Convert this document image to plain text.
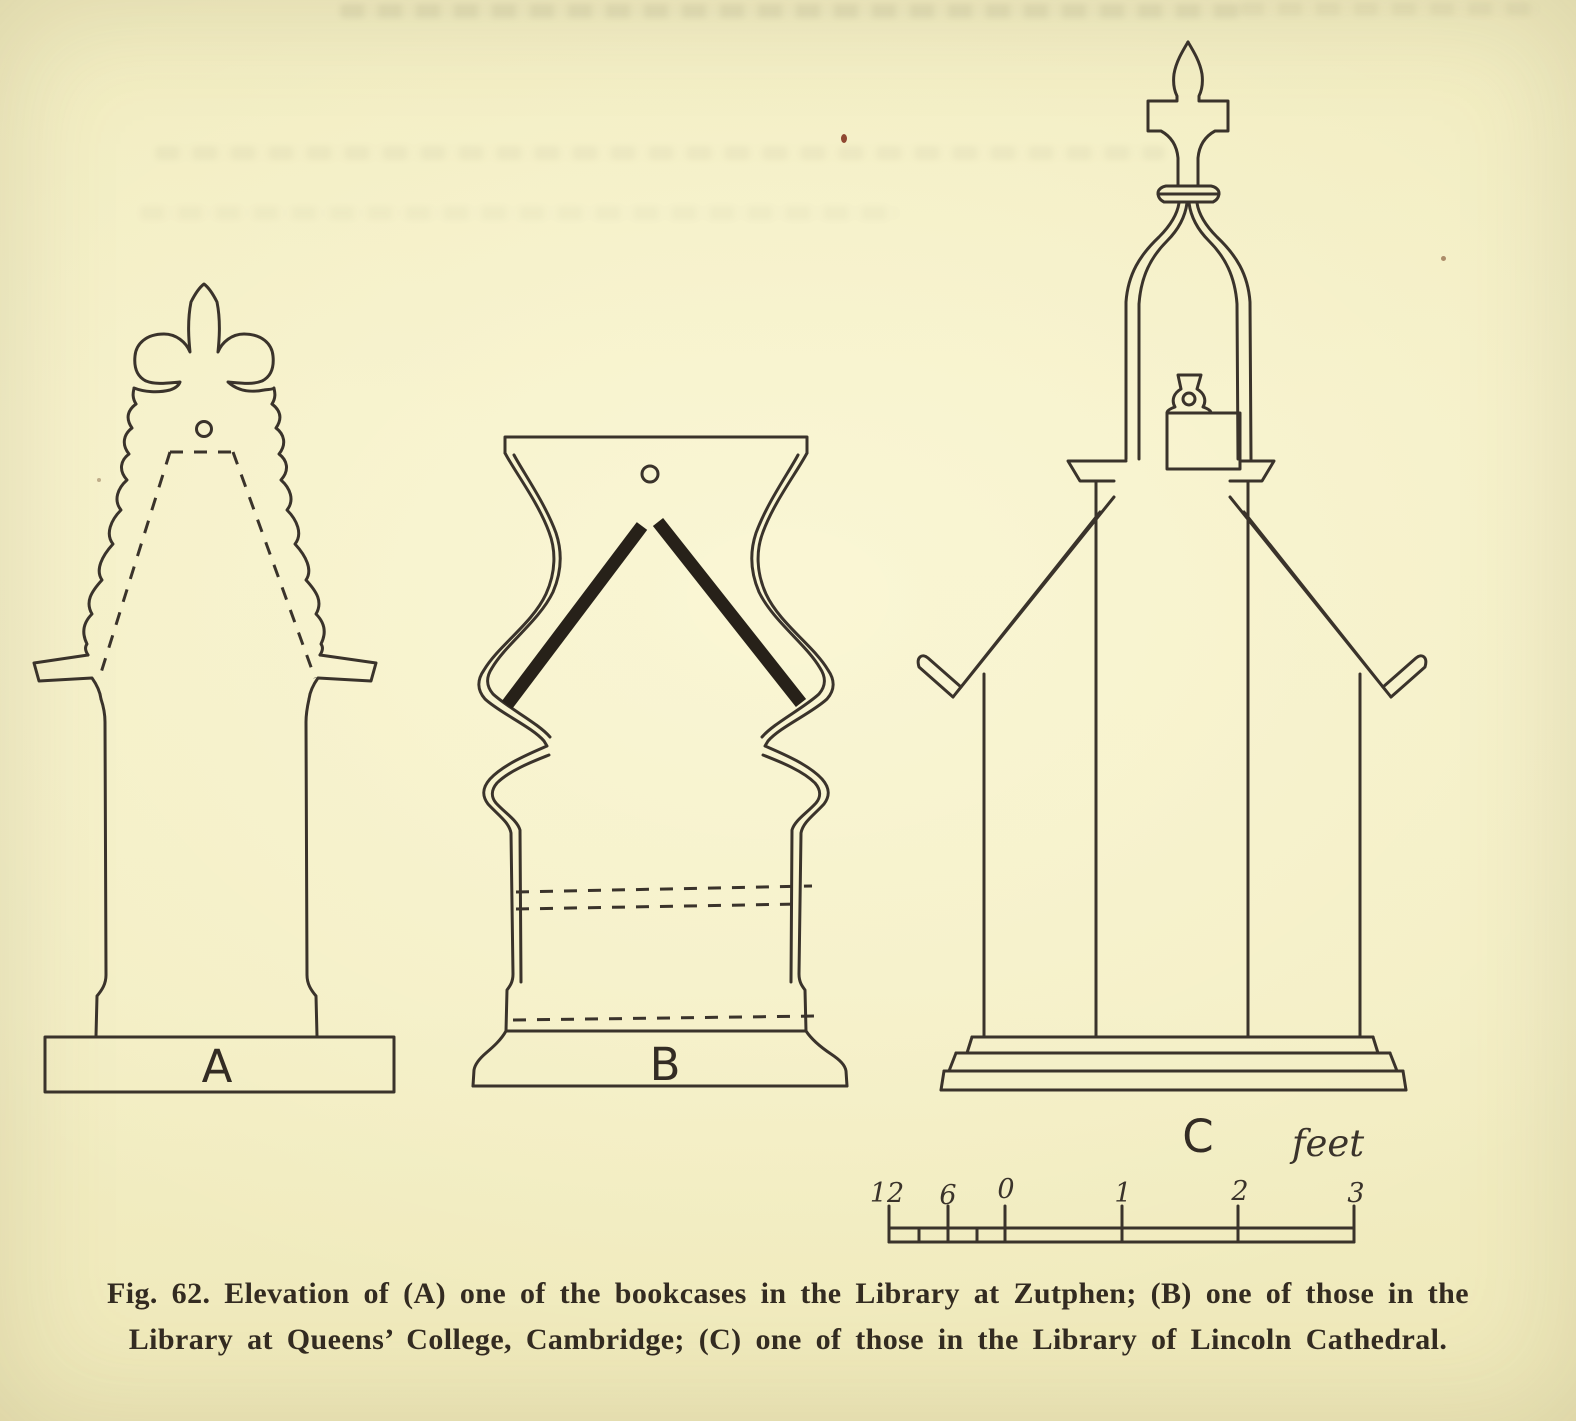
A	B
C
12 6 0	1	2	3
feet
Fig. 62. Elevation of (A) one of the bookcases in the Library at Zutphen; (B) one of those in the
Library at Queens’ College, Cambridge; (C) one of those in the Library of Lincoln Cathedral.
